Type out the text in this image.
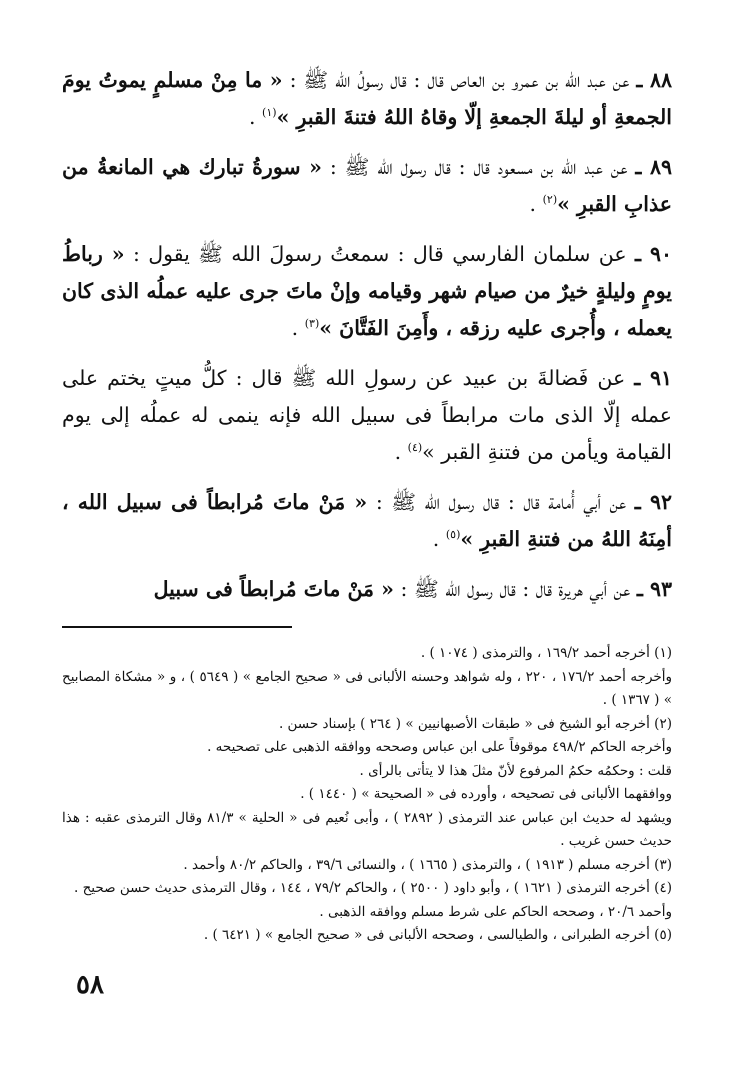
٨٨ ـ عن عبد الله بن عمرو بن العاص قال : قال رسولُ الله ﷺ : « ما مِنْ مسلمٍ يموتُ يومَ الجمعةِ أو ليلةَ الجمعةِ إلّا وقاهُ اللهُ فتنةَ القبرِ »$^{(١)}$ .

٨٩ ـ عن عبد الله بن مسعود قال : قال رسول الله ﷺ : « سورةُ تبارك هي المانعةُ من عذابِ القبرِ »$^{(٢)}$ .

٩٠ ـ عن سلمان الفارسي قال : سمعتُ رسولَ الله ﷺ يقول : « رباطُ يومٍ وليلةٍ خيرٌ من صيام شهر وقيامه وإنْ ماتَ جرى عليه عملُه الذى كان يعمله ، وأُجرى عليه رزقه ، وأَمِنَ الفَتَّانَ »$^{(٣)}$ .

٩١ ـ عن فَضالةَ بن عبيد عن رسولِ الله ﷺ قال : كلُّ ميتٍ يختم على عمله إلّا الذى مات مرابطاً فى سبيل الله فإنه ينمى له عملُه إلى يوم القيامة ويأمن من فتنةِ القبر »$^{(٤)}$ .

٩٢ ـ عن أبي أُمامة قال : قال رسول الله ﷺ : « مَنْ ماتَ مُرابطاً فى سبيل الله ، أمِنَهُ اللهُ من فتنةِ القبرِ »$^{(٥)}$ .

٩٣ ـ عن أبي هريرة قال : قال رسول الله ﷺ : « مَنْ ماتَ مُرابطاً فى سبيل

(١) أخرجه أحمد ١٦٩/٢ ، والترمذى ( ١٠٧٤ ) .

وأخرجه أحمد ١٧٦/٢ ، ٢٢٠ ، وله شواهد وحسنه الألبانى فى « صحيح الجامع » ( ٥٦٤٩ ) ، و « مشكاة المصابيح » ( ١٣٦٧ ) .

(٢) أخرجه أبو الشيخ فى « طبقات الأصبهانيين » ( ٢٦٤ ) بإسناد حسن .

وأخرجه الحاكم ٤٩٨/٢ موقوفاً على ابن عباس وصححه ووافقه الذهبى على تصحيحه .

قلت : وحكمُه حكمُ المرفوع لأنّ مثلَ هذا لا يتأتى بالرأى .

ووافقهما الألبانى فى تصحيحه ، وأورده فى « الصحيحة » ( ١٤٤٠ ) .

ويشهد له حديث ابن عباس عند الترمذى ( ٢٨٩٢ ) ، وأبى نُعيم فى « الحلية » ٨١/٣ وقال الترمذى عقبه : هذا حديث حسن غريب .

(٣) أخرجه مسلم ( ١٩١٣ ) ، والترمذى ( ١٦٦٥ ) ، والنسائى ٣٩/٦ ، والحاكم ٨٠/٢ وأحمد .

(٤) أخرجه الترمذى ( ١٦٢١ ) ، وأبو داود ( ٢٥٠٠ ) ، والحاكم ٧٩/٢ ، ١٤٤ ، وقال الترمذى حديث حسن صحيح .

وأحمد ٢٠/٦ ، وصححه الحاكم على شرط مسلم ووافقه الذهبى .

(٥) أخرجه الطبرانى ، والطيالسى ، وصححه الألبانى فى « صحيح الجامع » ( ٦٤٢١ ) .

٥٨
